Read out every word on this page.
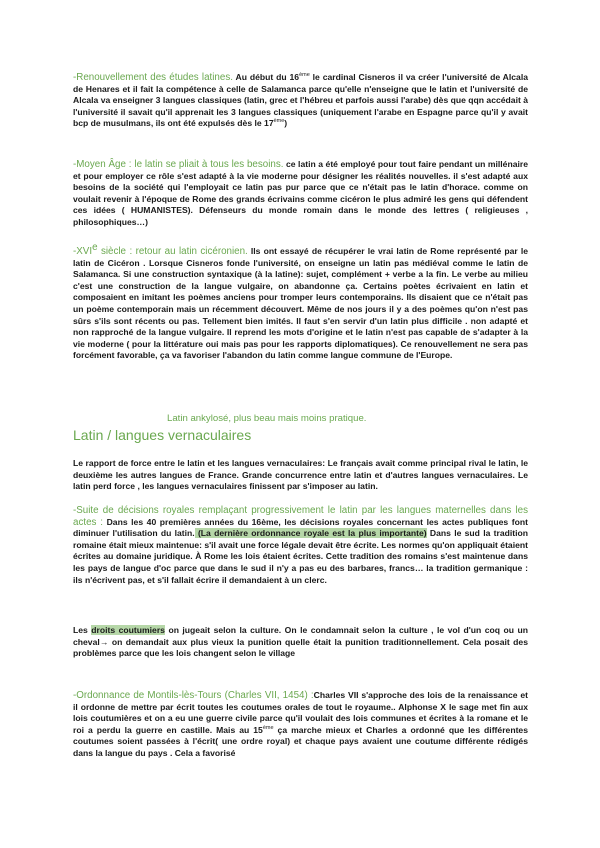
-Renouvellement des études latines. Au début du 16ème le cardinal Cisneros il va créer l'université de Alcala de Henares et il fait la compétence à celle de Salamanca parce qu'elle n'enseigne que le latin et l'université de Alcala va enseigner 3 langues classiques (latin, grec et l'hébreu et parfois aussi l'arabe) dès que qqn accédait à l'université il savait qu'il apprenait les 3 langues classiques (uniquement l'arabe en Espagne parce qu'il y avait bcp de musulmans, ils ont été expulsés dès le 17ème)
-Moyen Âge : le latin se pliait à tous les besoins. ce latin a été employé pour tout faire pendant un millénaire et pour employer ce rôle s'est adapté à la vie moderne pour désigner les réalités nouvelles. il s'est adapté aux besoins de la société qui l'employait ce latin pas pur parce que ce n'était pas le latin d'horace. comme on voulait revenir à l'époque de Rome des grands écrivains comme cicéron le plus admiré les gens qui défendent ces idées ( HUMANISTES). Défenseurs du monde romain dans le monde des lettres ( religieuses , philosophiques…)
-XVIe siècle : retour au latin cicéronien. Ils ont essayé de récupérer le vrai latin de Rome représenté par le latin de Cicéron . Lorsque Cisneros fonde l'université, on enseigne un latin pas médiéval comme le latin de Salamanca. Si une construction syntaxique (à la latine): sujet, complément + verbe a la fin. Le verbe au milieu c'est une construction de la langue vulgaire, on abandonne ça. Certains poètes écrivaient en latin et composaient en imitant les poèmes anciens pour tromper leurs contemporains. Ils disaient que ce n'était pas un poème contemporain mais un récemment découvert. Même de nos jours il y a des poèmes qu'on n'est pas sûrs s'ils sont récents ou pas. Tellement bien imités. Il faut s'en servir d'un latin plus difficile . non adapté et non rapproché de la langue vulgaire. Il reprend les mots d'origine et le latin n'est pas capable de s'adapter à la vie moderne ( pour la littérature oui mais pas pour les rapports diplomatiques). Ce renouvellement ne sera pas forcément favorable, ça va favoriser l'abandon du latin comme langue commune de l'Europe.
Latin ankylosé, plus beau mais moins pratique.
Latin / langues vernaculaires
Le rapport de force entre le latin et les langues vernaculaires: Le français avait comme principal rival le latin, le deuxième les autres langues de France. Grande concurrence entre latin et d'autres langues vernaculaires. Le latin perd force , les langues vernaculaires finissent par s'imposer au latin.
-Suite de décisions royales remplaçant progressivement le latin par les langues maternelles dans les actes : Dans les 40 premières années du 16ème, les décisions royales concernant les actes publiques font diminuer l'utilisation du latin. (La dernière ordonnance royale est la plus importante) Dans le sud la tradition romaine était mieux maintenue: s'il avait une force légale devait être écrite. Les normes qu'on appliquait étaient écrites au domaine juridique. À Rome les lois étaient écrites. Cette tradition des romains s'est maintenue dans les pays de langue d'oc parce que dans le sud il n'y a pas eu des barbares, francs… la tradition germanique : ils n'écrivent pas, et s'il fallait écrire il demandaient à un clerc.
Les droits coutumiers on jugeait selon la culture. On le condamnait selon la culture , le vol d'un coq ou un cheval→ on demandait aux plus vieux la punition quelle était la punition traditionnellement. Cela posait des problèmes parce que les lois changent selon le village
-Ordonnance de Montils-lès-Tours (Charles VII, 1454) :Charles VII s'approche des lois de la renaissance et il ordonne de mettre par écrit toutes les coutumes orales de tout le royaume.. Alphonse X le sage met fin aux lois coutumières et on a eu une guerre civile parce qu'il voulait des lois communes et écrites à la romane et le roi a perdu la guerre en castille. Mais au 15ème ça marche mieux et Charles a ordonné que les différentes coutumes soient passées à l'écrit( une ordre royal) et chaque pays avaient une coutume différente rédigés dans la langue du pays . Cela a favorisé
